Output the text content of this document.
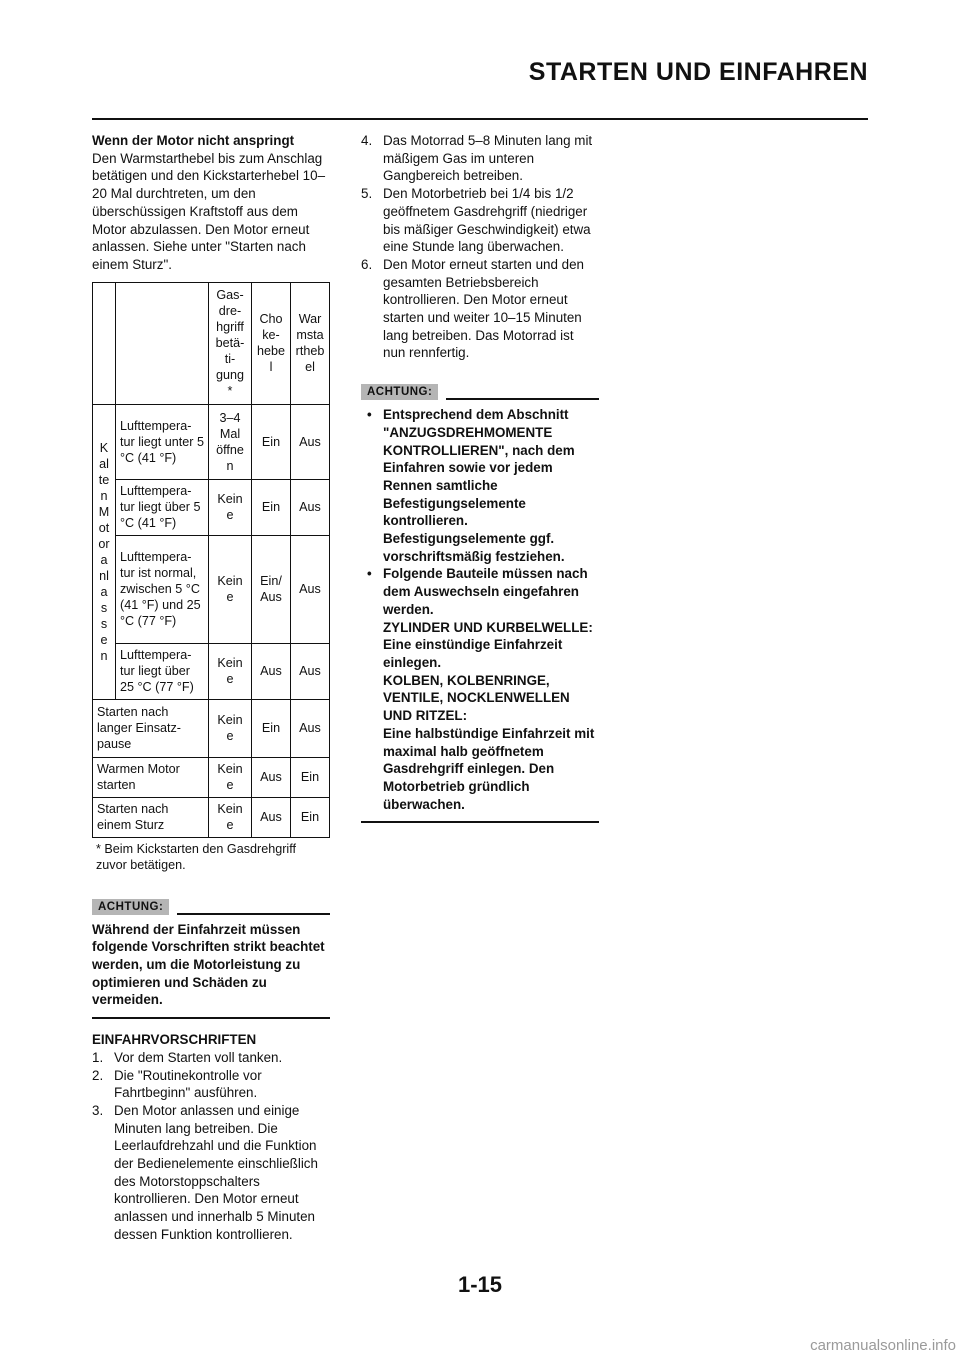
STARTEN UND EINFAHREN

Wenn der Motor nicht anspringt

Den Warmstarthebel bis zum Anschlag betätigen und den Kickstarterhebel 10–20 Mal durchtreten, um den überschüssigen Kraftstoff aus dem Motor abzulassen. Den Motor erneut anlassen. Siehe unter "Starten nach einem Sturz".

		Gas-dre-hgriff betä-ti-gung *	Cho ke-hebe l	War msta rtheb el
K al te n M ot or a nl a s s e n	Lufttempera-tur liegt unter 5 °C (41 °F)	3–4 Mal öffne n	Ein	Aus
	Lufttempera-tur liegt über 5 °C (41 °F)	Kein e	Ein	Aus
	Lufttempera-tur ist normal, zwischen 5 °C (41 °F) und 25 °C (77 °F)	Kein e	Ein/ Aus	Aus
	Lufttempera-tur liegt über 25 °C (77 °F)	Kein e	Aus	Aus
Starten nach langer Einsatz-pause		Kein e	Ein	Aus
Warmen Motor starten		Kein e	Aus	Ein
Starten nach einem Sturz		Kein e	Aus	Ein
* Beim Kickstarten den Gasdrehgriff zuvor betätigen.
ACHTUNG:
Während der Einfahrzeit müssen folgende Vorschriften strikt beachtet werden, um die Motorleistung zu optimieren und Schäden zu vermeiden.

EINFAHRVORSCHRIFTEN

1. Vor dem Starten voll tanken.
2. Die "Routinekontrolle vor Fahrtbeginn" ausführen.
3. Den Motor anlassen und einige Minuten lang betreiben. Die Leerlaufdrehzahl und die Funktion der Bedienelemente einschließlich des Motorstoppschalters kontrollieren. Den Motor erneut anlassen und innerhalb 5 Minuten dessen Funktion kontrollieren.
4. Das Motorrad 5–8 Minuten lang mit mäßigem Gas im unteren Gangbereich betreiben.
5. Den Motorbetrieb bei 1/4 bis 1/2 geöffnetem Gasdrehgriff (niedriger bis mäßiger Geschwindigkeit) etwa eine Stunde lang überwachen.
6. Den Motor erneut starten und den gesamten Betriebsbereich kontrollieren. Den Motor erneut starten und weiter 10–15 Minuten lang betreiben. Das Motorrad ist nun rennfertig.
ACHTUNG:
• Entsprechend dem Abschnitt "ANZUGSDREHMOMENTE KONTROLLIEREN", nach dem Einfahren sowie vor jedem Rennen samtliche Befestigungselemente kontrollieren. Befestigungselemente ggf. vorschriftsmäßig festziehen.
• Folgende Bauteile müssen nach dem Auswechseln eingefahren werden.
ZYLINDER UND KURBELWELLE:
Eine einstündige Einfahrzeit einlegen.
KOLBEN, KOLBENRINGE, VENTILE, NOCKLENWELLEN UND RITZEL:
Eine halbstündige Einfahrzeit mit maximal halb geöffnetem Gasdrehgriff einlegen. Den Motorbetrieb gründlich überwachen.
1-15
carmanualsonline.info
